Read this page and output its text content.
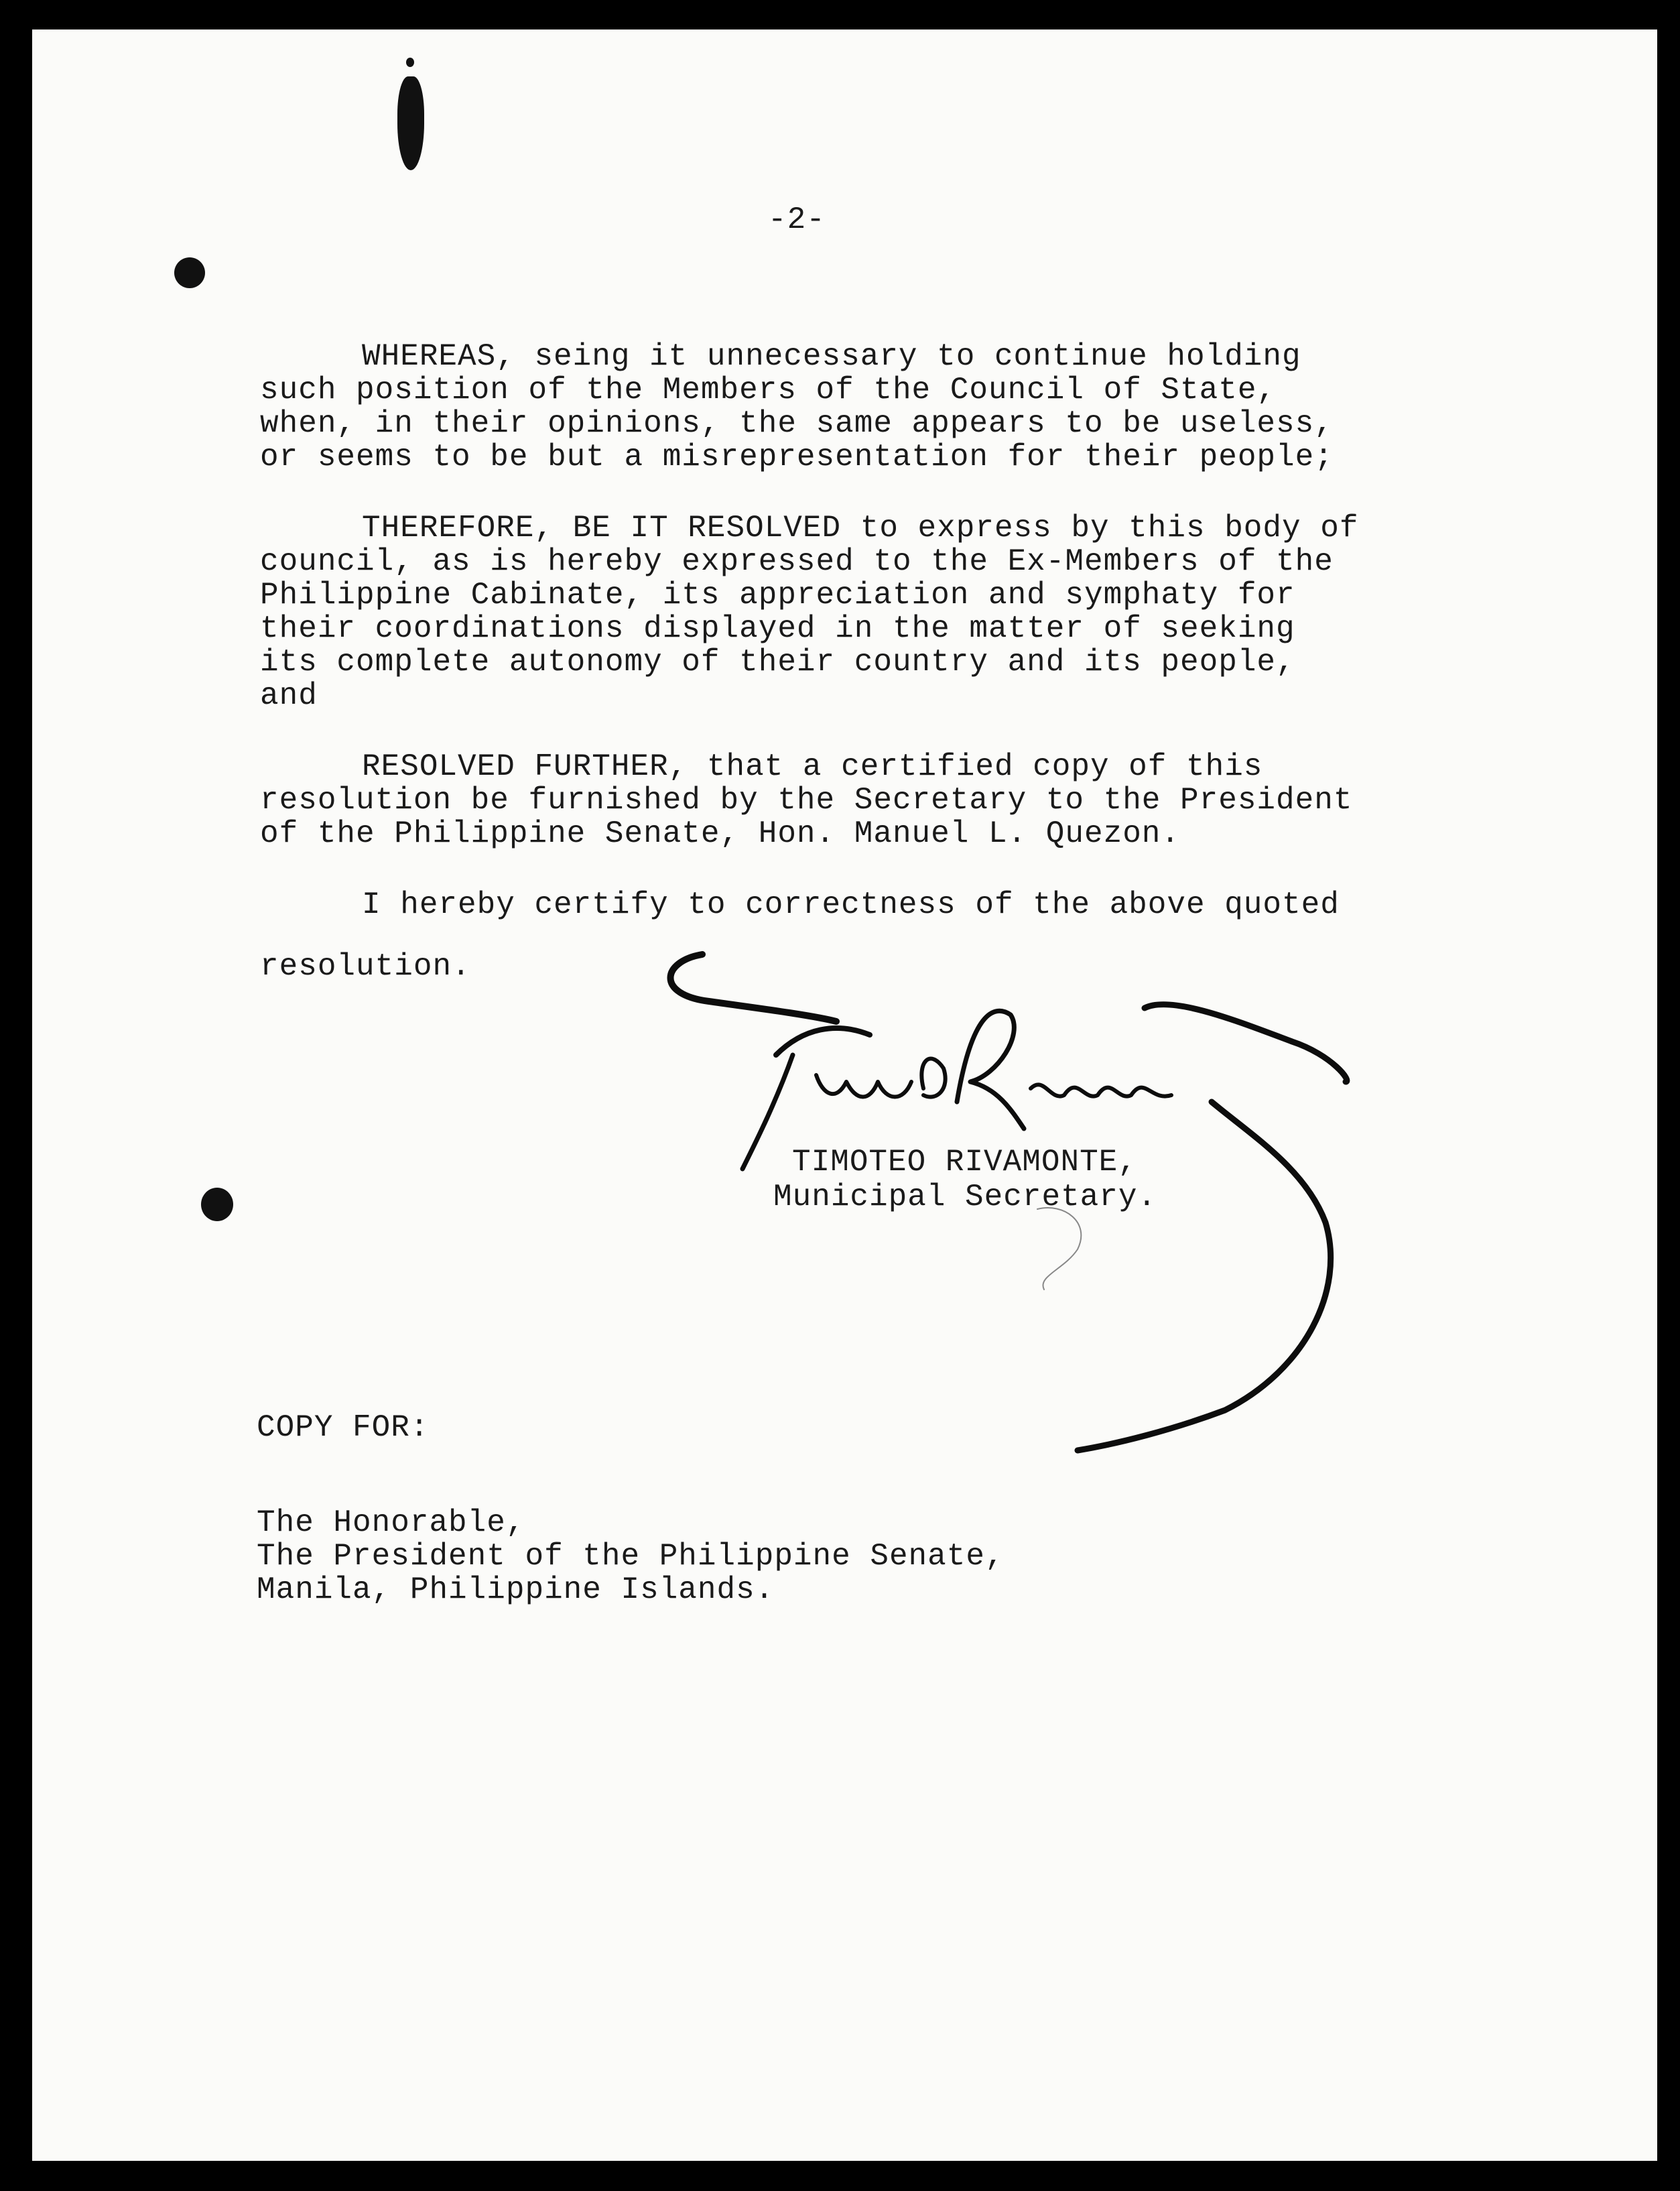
-2-
WHEREAS, seing it unnecessary to continue holding
such position of the Members of the Council of State,
when, in their opinions, the same appears to be useless,
or seems to be but a misrepresentation for their people;
THEREFORE, BE IT RESOLVED to express by this body of
council, as is hereby expressed to the Ex-Members of the
Philippine Cabinate, its appreciation and symphaty for
their coordinations displayed in the matter of seeking
its complete autonomy of their country and its people,
and
RESOLVED FURTHER, that a certified copy of this
resolution be furnished by the Secretary to the President
of the Philippine Senate, Hon. Manuel L. Quezon.
I hereby certify to correctness of the above quoted
resolution.
TIMOTEO RIVAMONTE,
Municipal Secretary.
COPY FOR:
The Honorable,
The President of the Philippine Senate,
Manila, Philippine Islands.
